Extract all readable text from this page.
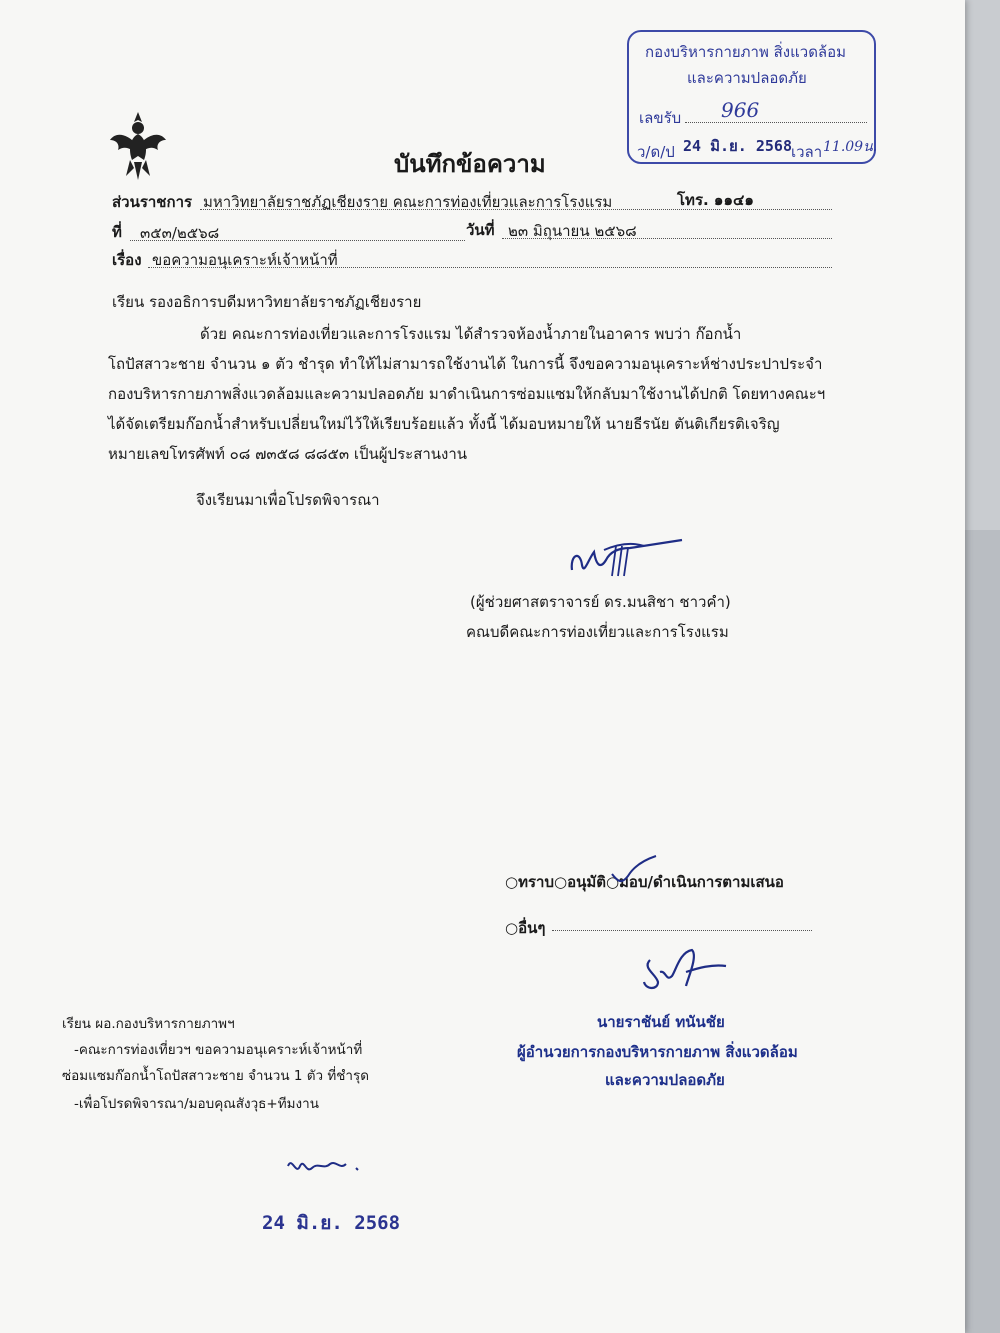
กองบริหารกายภาพ สิ่งแวดล้อม
และความปลอดภัย
เลขรับ 966
ว/ด/ป 24 มิ.ย. 2568 เวลา 11.09น.
บันทึกข้อความ
ส่วนราชการ มหาวิทยาลัยราชภัฏเชียงราย คณะการท่องเที่ยวและการโรงแรม	โทร. ๑๑๔๑
ที่ ๓๕๓/๒๕๖๘	วันที่ ๒๓ มิถุนายน ๒๕๖๘
เรื่อง ขอความอนุเคราะห์เจ้าหน้าที่
เรียน รองอธิการบดีมหาวิทยาลัยราชภัฏเชียงราย
ด้วย คณะการท่องเที่ยวและการโรงแรม ได้สำรวจห้องน้ำภายในอาคาร พบว่า ก๊อกน้ำ
โถปัสสาวะชาย จำนวน ๑ ตัว ชำรุด ทำให้ไม่สามารถใช้งานได้ ในการนี้ จึงขอความอนุเคราะห์ช่างประปาประจำ
กองบริหารกายภาพสิ่งแวดล้อมและความปลอดภัย มาดำเนินการซ่อมแซมให้กลับมาใช้งานได้ปกติ โดยทางคณะฯ
ได้จัดเตรียมก๊อกน้ำสำหรับเปลี่ยนใหม่ไว้ให้เรียบร้อยแล้ว ทั้งนี้ ได้มอบหมายให้ นายธีรนัย ตันติเกียรติเจริญ
หมายเลขโทรศัพท์ ๐๘ ๗๓๕๘ ๘๘๕๓ เป็นผู้ประสานงาน
จึงเรียนมาเพื่อโปรดพิจารณา
(ผู้ช่วยศาสตราจารย์ ดร.มนสิชา ชาวคำ)
คณบดีคณะการท่องเที่ยวและการโรงแรม
○ทราบ○อนุมัติ○มอบ/ดำเนินการตามเสนอ
○อื่นๆ
นายราชันย์ ทนันชัย
ผู้อำนวยการกองบริหารกายภาพ สิ่งแวดล้อม
และความปลอดภัย
เรียน ผอ.กองบริหารกายภาพฯ
-คณะการท่องเที่ยวฯ ขอความอนุเคราะห์เจ้าหน้าที่
ซ่อมแซมก๊อกน้ำโถปัสสาวะชาย จำนวน 1 ตัว ที่ชำรุด
-เพื่อโปรดพิจารณา/มอบคุณสังวุธ+ทีมงาน
24 มิ.ย. 2568
